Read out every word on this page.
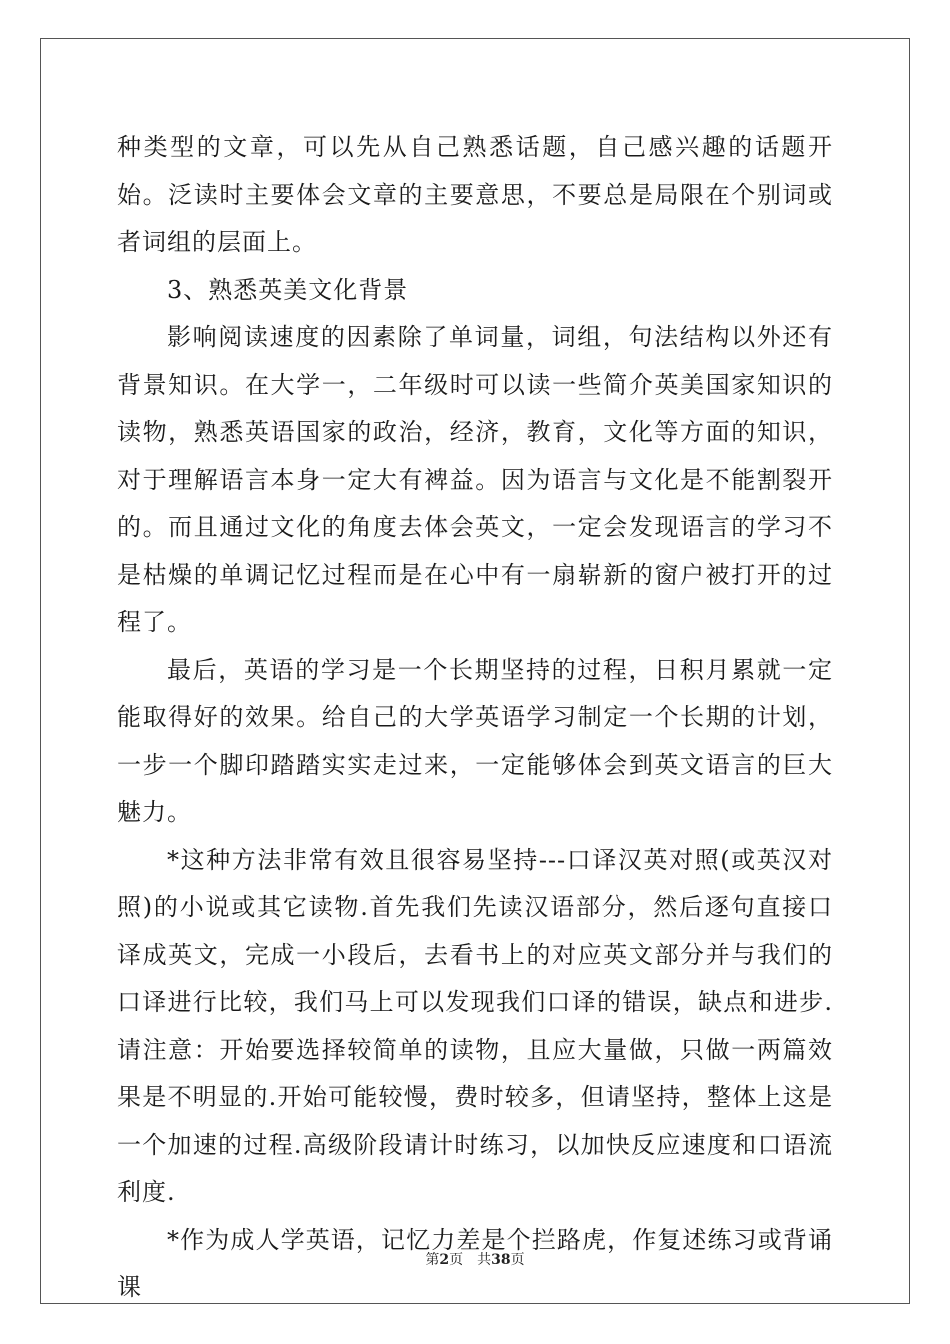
种类型的文章，可以先从自己熟悉话题，自己感兴趣的话题开始。泛读时主要体会文章的主要意思，不要总是局限在个别词或者词组的层面上。

3、熟悉英美文化背景

影响阅读速度的因素除了单词量，词组，句法结构以外还有背景知识。在大学一，二年级时可以读一些简介英美国家知识的读物，熟悉英语国家的政治，经济，教育，文化等方面的知识，对于理解语言本身一定大有裨益。因为语言与文化是不能割裂开的。而且通过文化的角度去体会英文，一定会发现语言的学习不是枯燥的单调记忆过程而是在心中有一扇崭新的窗户被打开的过程了。

最后，英语的学习是一个长期坚持的过程，日积月累就一定能取得好的效果。给自己的大学英语学习制定一个长期的计划，一步一个脚印踏踏实实走过来，一定能够体会到英文语言的巨大魅力。

*这种方法非常有效且很容易坚持---口译汉英对照(或英汉对照)的小说或其它读物.首先我们先读汉语部分，然后逐句直接口译成英文，完成一小段后，去看书上的对应英文部分并与我们的口译进行比较，我们马上可以发现我们口译的错误，缺点和进步.请注意：开始要选择较简单的读物，且应大量做，只做一两篇效果是不明显的.开始可能较慢，费时较多，但请坚持，整体上这是一个加速的过程.高级阶段请计时练习，以加快反应速度和口语流利度.

*作为成人学英语，记忆力差是个拦路虎，作复述练习或背诵课

第2页 共38页
